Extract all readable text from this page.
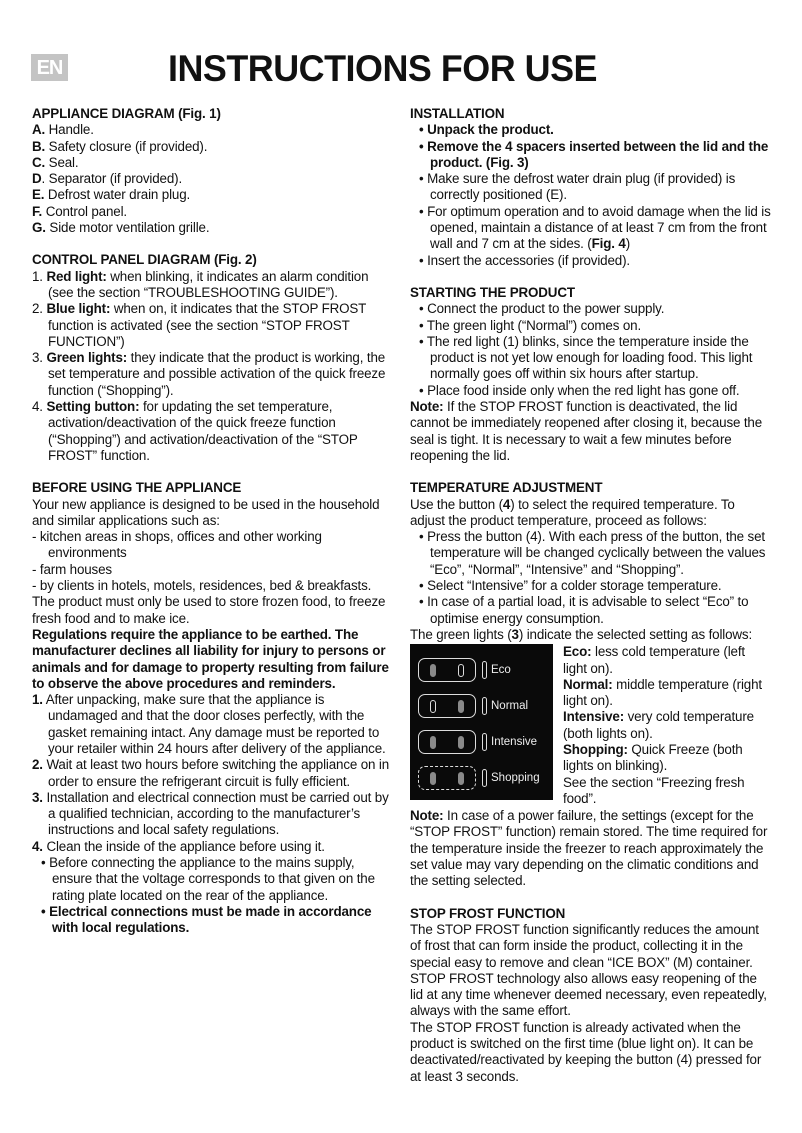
EN	INSTRUCTIONS FOR USE
APPLIANCE DIAGRAM (Fig. 1)
A. Handle.
B. Safety closure (if provided).
C. Seal.
D. Separator (if provided).
E. Defrost water drain plug.
F. Control panel.
G. Side motor ventilation grille.
CONTROL PANEL DIAGRAM (Fig. 2)
1. Red light: when blinking, it indicates an alarm condition (see the section “TROUBLESHOOTING GUIDE”).
2. Blue light: when on, it indicates that the STOP FROST function is activated (see the section “STOP FROST FUNCTION”)
3. Green lights: they indicate that the product is working, the set temperature and possible activation of the quick freeze function (“Shopping”).
4. Setting button: for updating the set temperature, activation/deactivation of the quick freeze function (“Shopping”) and activation/deactivation of the “STOP FROST” function.
BEFORE USING THE APPLIANCE
Your new appliance is designed to be used in the household and similar applications such as:
- kitchen areas in shops, offices and other working environments
- farm houses
- by clients in hotels, motels, residences, bed & breakfasts.
The product must only be used to store frozen food, to freeze fresh food and to make ice.
Regulations require the appliance to be earthed. The manufacturer declines all liability for injury to persons or animals and for damage to property resulting from failure to observe the above procedures and reminders.
1. After unpacking, make sure that the appliance is undamaged and that the door closes perfectly, with the gasket remaining intact. Any damage must be reported to your retailer within 24 hours after delivery of the appliance.
2. Wait at least two hours before switching the appliance on in order to ensure the refrigerant circuit is fully efficient.
3. Installation and electrical connection must be carried out by a qualified technician, according to the manufacturer’s instructions and local safety regulations.
4. Clean the inside of the appliance before using it.
• Before connecting the appliance to the mains supply, ensure that the voltage corresponds to that given on the rating plate located on the rear of the appliance.
• Electrical connections must be made in accordance with local regulations.
INSTALLATION
• Unpack the product.
• Remove the 4 spacers inserted between the lid and the product. (Fig. 3)
• Make sure the defrost water drain plug (if provided) is correctly positioned (E).
• For optimum operation and to avoid damage when the lid is opened, maintain a distance of at least 7 cm from the front wall and 7 cm at the sides. (Fig. 4)
• Insert the accessories (if provided).
STARTING THE PRODUCT
• Connect the product to the power supply.
• The green light (“Normal”) comes on.
• The red light (1) blinks, since the temperature inside the product is not yet low enough for loading food. This light normally goes off within six hours after startup.
• Place food inside only when the red light has gone off.
Note: If the STOP FROST function is deactivated, the lid cannot be immediately reopened after closing it, because the seal is tight. It is necessary to wait a few minutes before reopening the lid.
TEMPERATURE ADJUSTMENT
Use the button (4) to select the required temperature. To adjust the product temperature, proceed as follows:
• Press the button (4). With each press of the button, the set temperature will be changed cyclically between the values “Eco”, “Normal”, “Intensive” and “Shopping”.
• Select “Intensive” for a colder storage temperature.
• In case of a partial load, it is advisable to select “Eco” to optimise energy consumption.
The green lights (3) indicate the selected setting as follows:
Eco
Normal
Intensive
Shopping
Eco: less cold temperature (left light on).
Normal: middle temperature (right light on).
Intensive: very cold temperature (both lights on).
Shopping: Quick Freeze (both lights on blinking).
See the section “Freezing fresh food”.
Note: In case of a power failure, the settings (except for the “STOP FROST” function) remain stored. The time required for the temperature inside the freezer to reach approximately the set value may vary depending on the climatic conditions and the setting selected.
STOP FROST FUNCTION
The STOP FROST function significantly reduces the amount of frost that can form inside the product, collecting it in the special easy to remove and clean “ICE BOX” (M) container. STOP FROST technology also allows easy reopening of the lid at any time whenever deemed necessary, even repeatedly, always with the same effort.
The STOP FROST function is already activated when the product is switched on the first time (blue light on). It can be deactivated/reactivated by keeping the button (4) pressed for at least 3 seconds.
